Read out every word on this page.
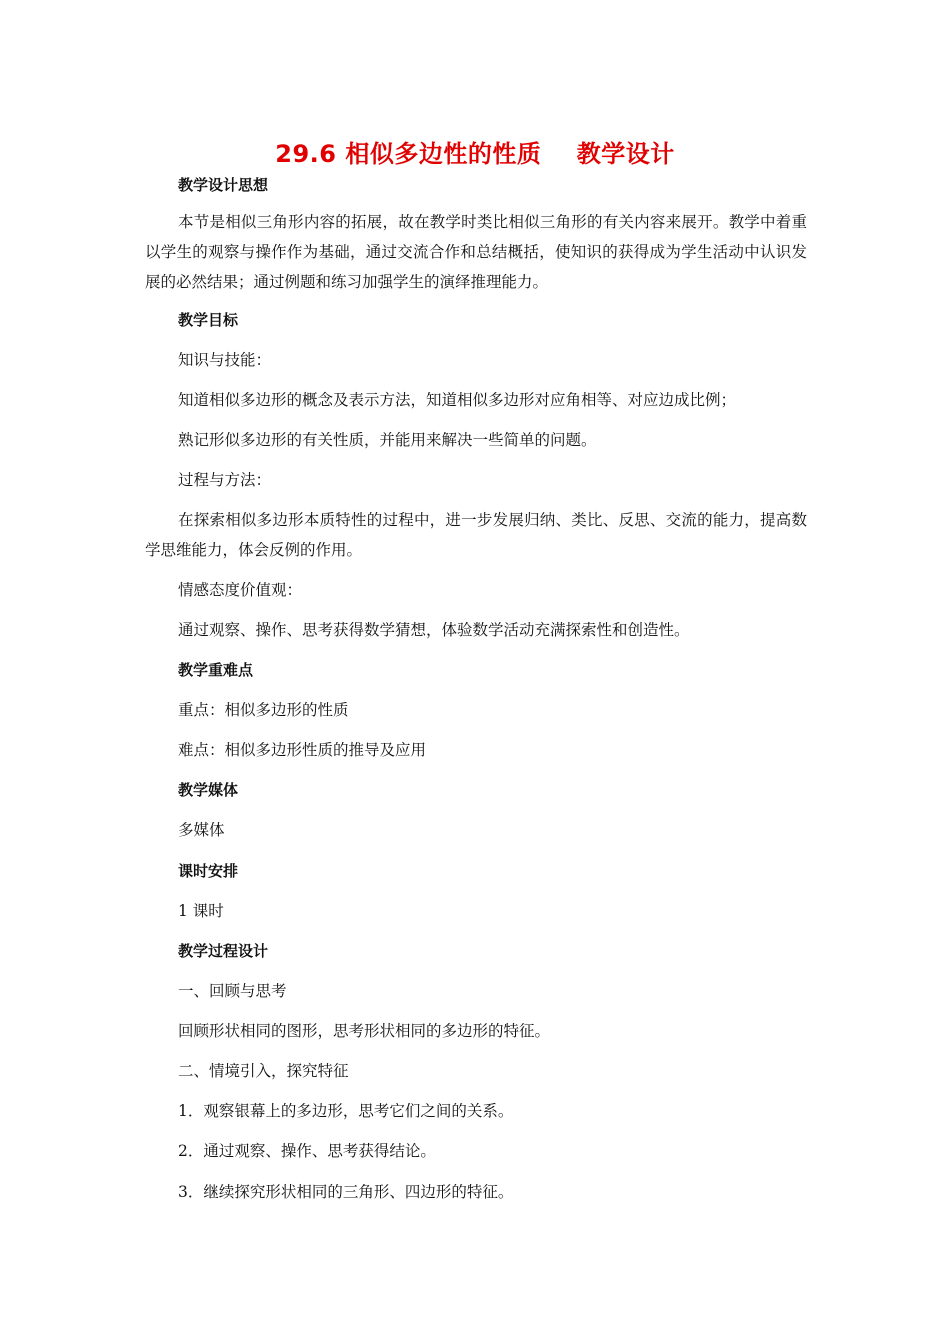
29.6 相似多边性的性质    教学设计
教学设计思想
本节是相似三角形内容的拓展，故在教学时类比相似三角形的有关内容来展开。教学中着重以学生的观察与操作作为基础，通过交流合作和总结概括，使知识的获得成为学生活动中认识发展的必然结果；通过例题和练习加强学生的演绎推理能力。
教学目标
知识与技能：
知道相似多边形的概念及表示方法，知道相似多边形对应角相等、对应边成比例；
熟记形似多边形的有关性质，并能用来解决一些简单的问题。
过程与方法：
在探索相似多边形本质特性的过程中，进一步发展归纳、类比、反思、交流的能力，提高数学思维能力，体会反例的作用。
情感态度价值观：
通过观察、操作、思考获得数学猜想，体验数学活动充满探索性和创造性。
教学重难点
重点：相似多边形的性质
难点：相似多边形性质的推导及应用
教学媒体
多媒体
课时安排
1 课时
教学过程设计
一、回顾与思考
回顾形状相同的图形，思考形状相同的多边形的特征。
二、情境引入，探究特征
1．观察银幕上的多边形，思考它们之间的关系。
2．通过观察、操作、思考获得结论。
3．继续探究形状相同的三角形、四边形的特征。
